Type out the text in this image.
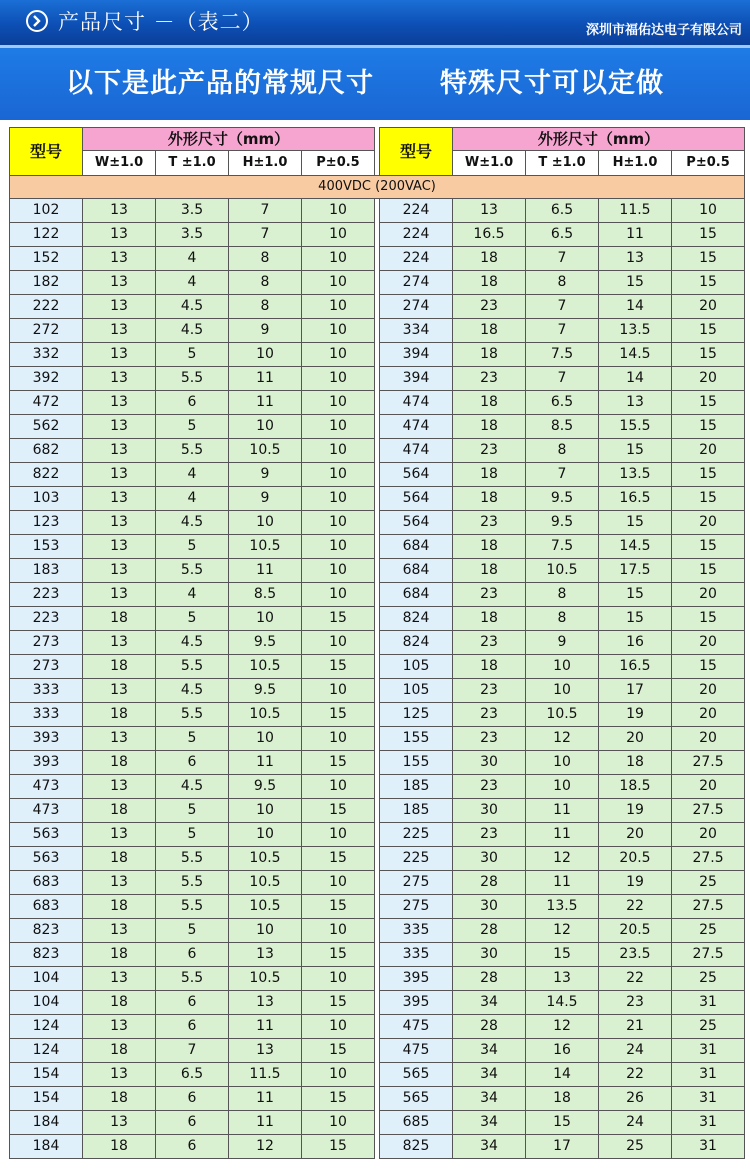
产品尺寸 －（表二）	深圳市福佑达电子有限公司
以下是此产品的常规尺寸 特殊尺寸可以定做
型号	外形尺寸（mm）					型号	外形尺寸（mm）			
	W±1.0	T ±1.0	H±1.0	P±0.5			W±1.0	T ±1.0	H±1.0	P±0.5
400VDC (200VAC)										
102	13	3.5	7	10		224	13	6.5	11.5	10
122	13	3.5	7	10		224	16.5	6.5	11	15
152	13	4	8	10		224	18	7	13	15
182	13	4	8	10		274	18	8	15	15
222	13	4.5	8	10		274	23	7	14	20
272	13	4.5	9	10		334	18	7	13.5	15
332	13	5	10	10		394	18	7.5	14.5	15
392	13	5.5	11	10		394	23	7	14	20
472	13	6	11	10		474	18	6.5	13	15
562	13	5	10	10		474	18	8.5	15.5	15
682	13	5.5	10.5	10		474	23	8	15	20
822	13	4	9	10		564	18	7	13.5	15
103	13	4	9	10		564	18	9.5	16.5	15
123	13	4.5	10	10		564	23	9.5	15	20
153	13	5	10.5	10		684	18	7.5	14.5	15
183	13	5.5	11	10		684	18	10.5	17.5	15
223	13	4	8.5	10		684	23	8	15	20
223	18	5	10	15		824	18	8	15	15
273	13	4.5	9.5	10		824	23	9	16	20
273	18	5.5	10.5	15		105	18	10	16.5	15
333	13	4.5	9.5	10		105	23	10	17	20
333	18	5.5	10.5	15		125	23	10.5	19	20
393	13	5	10	10		155	23	12	20	20
393	18	6	11	15		155	30	10	18	27.5
473	13	4.5	9.5	10		185	23	10	18.5	20
473	18	5	10	15		185	30	11	19	27.5
563	13	5	10	10		225	23	11	20	20
563	18	5.5	10.5	15		225	30	12	20.5	27.5
683	13	5.5	10.5	10		275	28	11	19	25
683	18	5.5	10.5	15		275	30	13.5	22	27.5
823	13	5	10	10		335	28	12	20.5	25
823	18	6	13	15		335	30	15	23.5	27.5
104	13	5.5	10.5	10		395	28	13	22	25
104	18	6	13	15		395	34	14.5	23	31
124	13	6	11	10		475	28	12	21	25
124	18	7	13	15		475	34	16	24	31
154	13	6.5	11.5	10		565	34	14	22	31
154	18	6	11	15		565	34	18	26	31
184	13	6	11	10		685	34	15	24	31
184	18	6	12	15		825	34	17	25	31
